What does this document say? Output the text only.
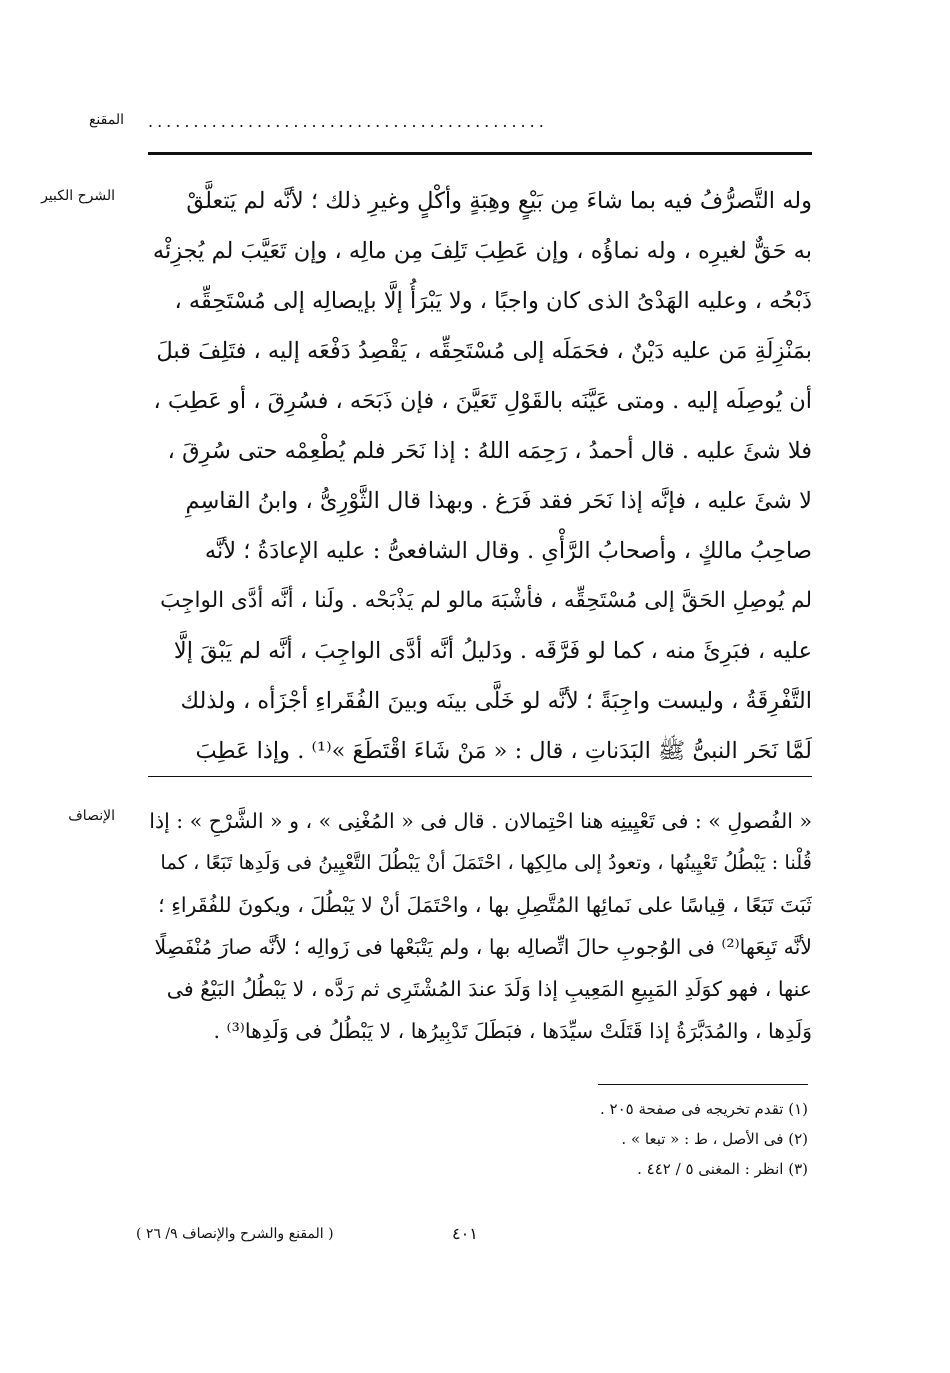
المقنع ............................................
الشرح الكبير	وله التَّصرُّفُ فيه بما شاءَ مِن بَيْعٍ وهِبَةٍ وأكْلٍ وغيرِ ذلك ؛ لأنَّه لم يَتعلَّقْ
به حَقٌّ لغيرِه ، وله نماؤُه ، وإن عَطِبَ تَلِفَ مِن مالِه ، وإن تَعَيَّبَ لم يُجزِئْه
ذَبْحُه ، وعليه الهَدْىُ الذى كان واجبًا ، ولا يَبْرَأُ إلَّا بإيصالِه إلى مُسْتَحِقِّه ،
بمَنْزِلَةِ مَن عليه دَيْنٌ ، فحَمَلَه إلى مُسْتَحِقِّه ، يَقْصِدُ دَفْعَه إليه ، فتَلِفَ قبلَ
أن يُوصِلَه إليه . ومتى عَيَّنَه بالقَوْلِ تَعَيَّنَ ، فإن ذَبَحَه ، فسُرِقَ ، أو عَطِبَ ،
فلا شئَ عليه . قال أحمدُ ، رَحِمَه اللهُ : إذا نَحَر فلم يُطْعِمْه حتى سُرِقَ ،
لا شئَ عليه ، فإنَّه إذا نَحَر فقد فَرَغ . وبهذا قال الثَّوْرِىُّ ، وابنُ القاسِمِ
صاحِبُ مالكٍ ، وأصحابُ الرَّأْىِ . وقال الشافعىُّ : عليه الإعادَةُ ؛ لأنَّه
لم يُوصِلِ الحَقَّ إلى مُسْتَحِقِّه ، فأشْبَهَ مالو لم يَذْبَحْه . ولَنا ، أنَّه أدَّى الواجِبَ
عليه ، فبَرِئَ منه ، كما لو فَرَّقَه . ودَليلُ أنَّه أدَّى الواجِبَ ، أنَّه لم يَبْقَ إلَّا
التَّفْرِقَةُ ، وليست واجِبَةً ؛ لأنَّه لو خَلَّى بينَه وبينَ الفُقَراءِ أجْزَأه ، ولذلك
لَمَّا نَحَر النبىُّ ﷺ البَدَناتِ ، قال : « مَنْ شَاءَ اقْتَطَعَ »⁽¹⁾ . وإذا عَطِبَ
الإنصاف « الفُصولِ » : فى تَعْيِينِه هنا احْتِمالان . قال فى « المُغْنِى » ، و « الشَّرْحِ » : إذا
قُلْنا : يَبْطُلُ تَعْيِينُها ، وتعودُ إلى مالِكِها ، احْتَمَلَ أنْ يَبْطُلَ التَّعْيِينُ فى وَلَدِها تَبَعًا ، كما
ثَبَتَ تَبَعًا ، قِياسًا على نَمائِها المُتَّصِلِ بها ، واحْتَمَلَ أنْ لا يَبْطُلَ ، ويكونَ للفُقَراءِ ؛
لأنَّه تَبِعَها⁽²⁾ فى الوُجوبِ حالَ اتِّصالِه بها ، ولم يَتْبَعْها فى زَوالِه ؛ لأنَّه صارَ مُنْفَصِلًا
عنها ، فهو كوَلَدِ المَبِيعِ المَعِيبِ إذا وَلَدَ عندَ المُشْتَرِى ثم رَدَّه ، لا يَبْطُلُ البَيْعُ فى
وَلَدِها ، والمُدَبَّرَةُ إذا قَتَلَتْ سيِّدَها ، فبَطَلَ تَدْبِيرُها ، لا يَبْطُلُ فى وَلَدِها⁽³⁾ .
(١) تقدم تخريجه فى صفحة ٢٠٥ .
(٢) فى الأصل ، ط : « تبعا » .
(٣) انظر : المغنى ٥ / ٤٤٢ .
( المقنع والشرح والإنصاف ٩/ ٢٦ )	٤٠١
